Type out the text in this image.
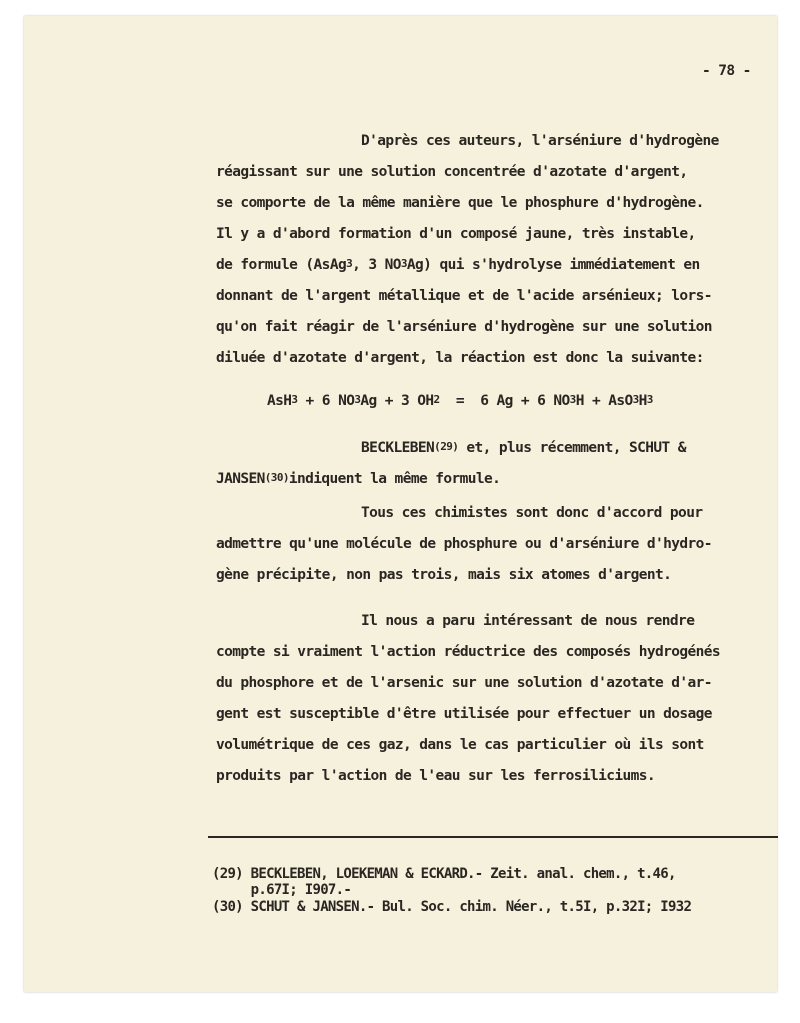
- 78 -
D'après ces auteurs, l'arséniure d'hydrogène
réagissant sur une solution concentrée d'azotate d'argent,
se comporte de la même manière que le phosphure d'hydrogène.
Il y a d'abord formation d'un composé jaune, très instable,
de formule (AsAg$^3$, 3 $NO^3Ag$) qui s'hydrolyse immédiatement en
donnant de l'argent métallique et de l'acide arsénieux; lors-
qu'on fait réagir de l'arséniure d'hydrogène sur une solution
diluée d'azotate d'argent, la réaction est donc la suivante:
AsH$^3$ + 6 $NO^3Ag + 3$ $OH^2 = 6$ Ag + 6 $NO^3H + AsO^3H^3$
BECKLEBEN$^{(29)}$ et, plus récemment, SCHUT &
JANSEN$^{(30)}$indiquent la même formule.
Tous ces chimistes sont donc d'accord pour
admettre qu'une molécule de phosphure ou d'arséniure d'hydro-
gène précipite, non pas trois, mais six atomes d'argent.
Il nous a paru intéressant de nous rendre
compte si vraiment l'action réductrice des composés hydrogénés
du phosphore et de l'arsenic sur une solution d'azotate d'ar-
gent est susceptible d'être utilisée pour effectuer un dosage
volumétrique de ces gaz, dans le cas particulier où ils sont
produits par l'action de l'eau sur les ferrosiliciums.
(29) BECKLEBEN, LOEKEMAN & ECKARD.- Zeit. anal. chem., t.46,
p.67I; I907.-
(30) SCHUT & JANSEN.- Bul. Soc. chim. Néer., t.5I, p.32I; I932
